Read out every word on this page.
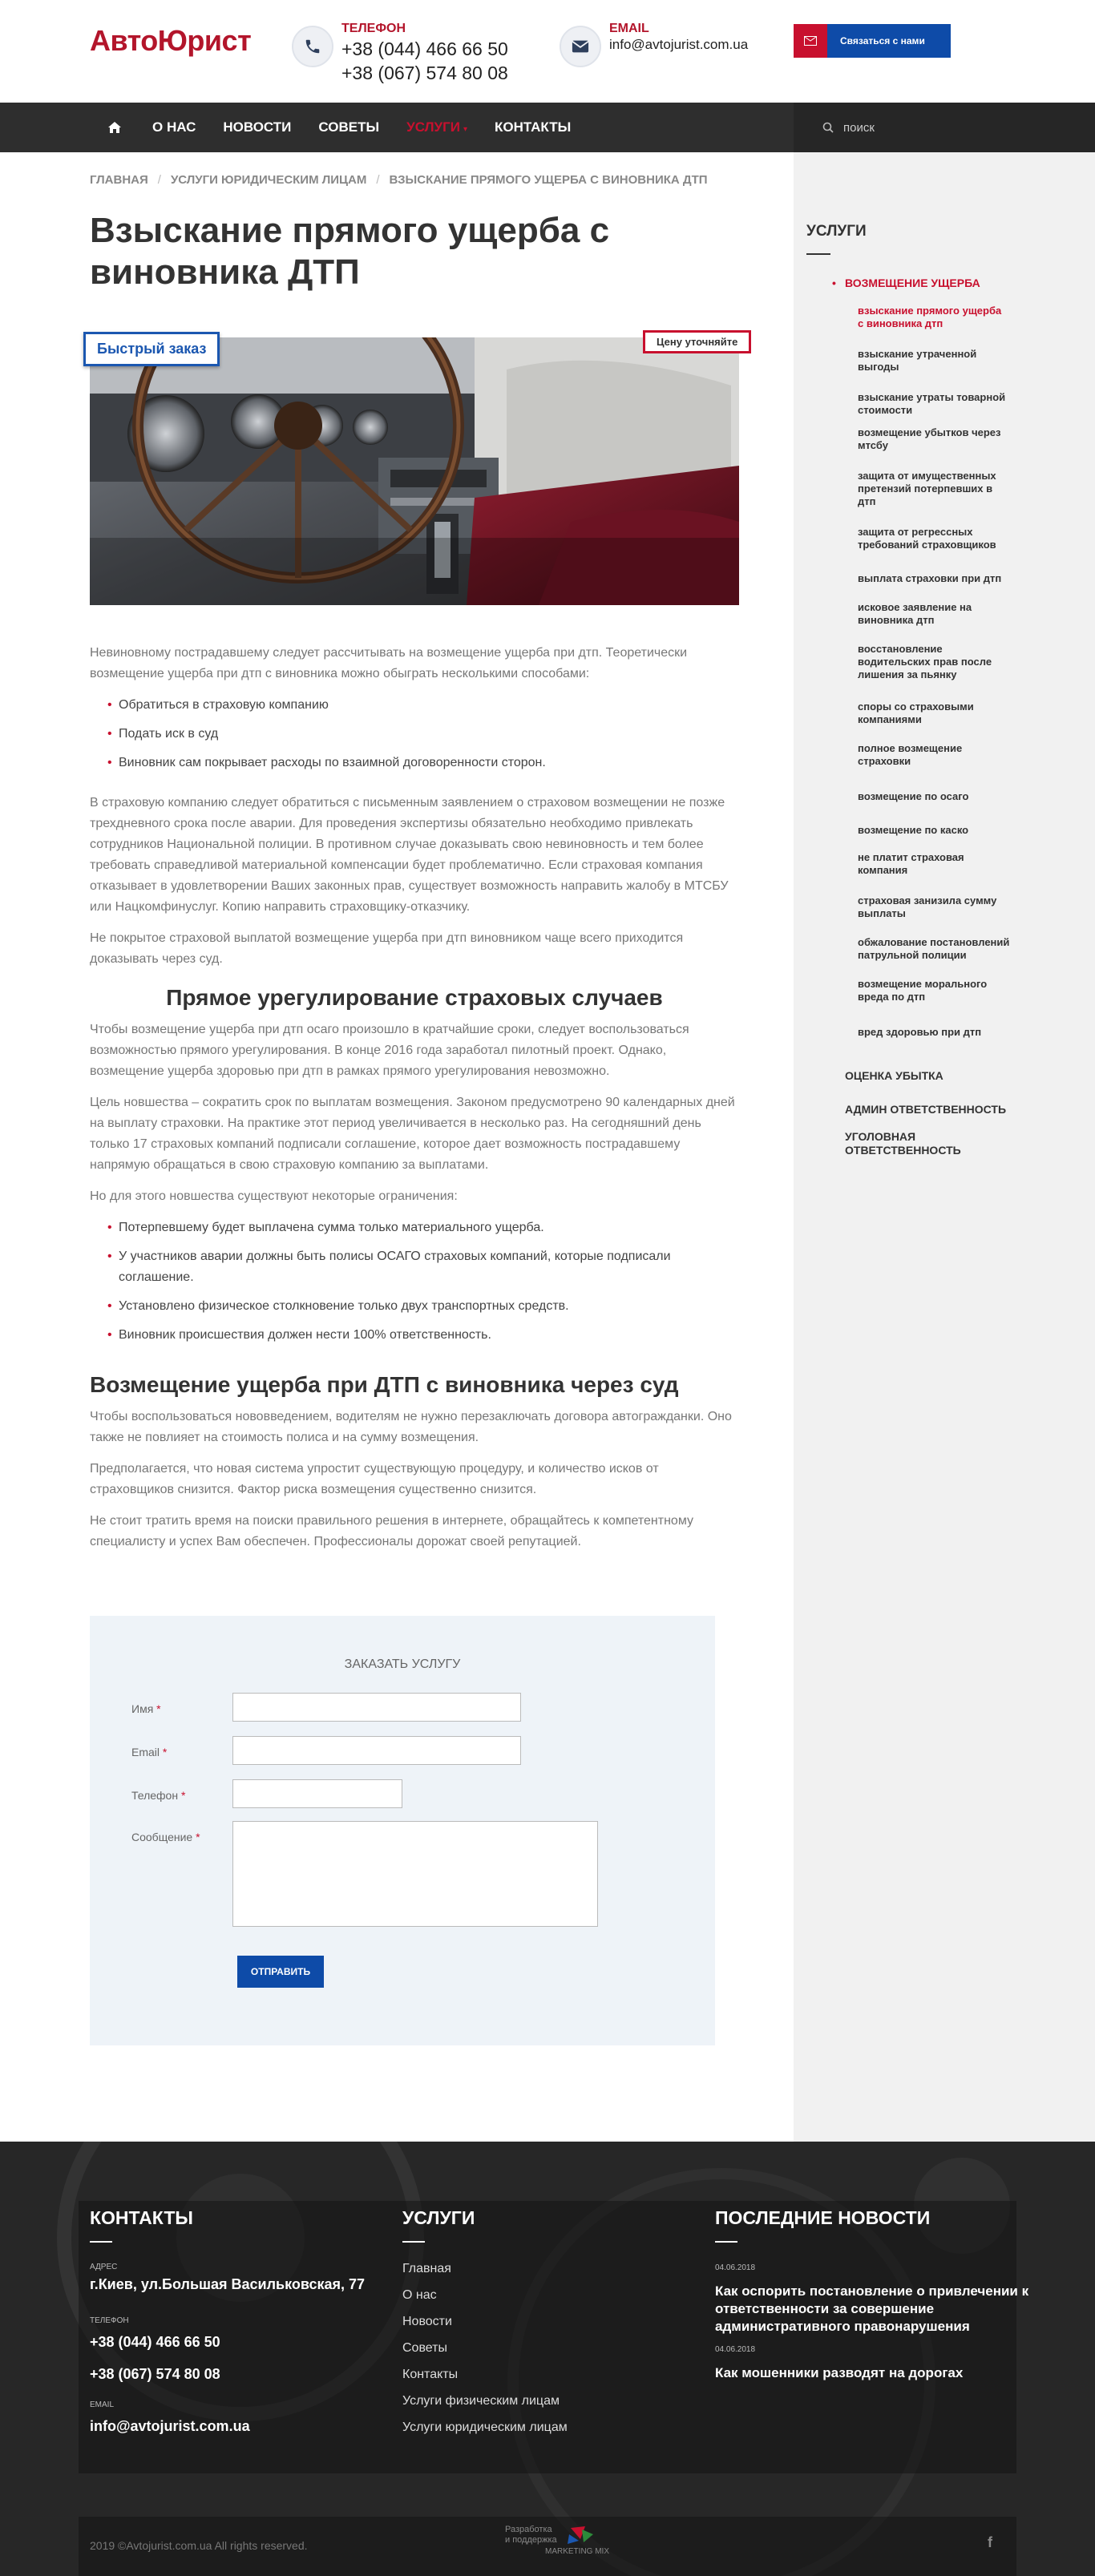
АвтоЮрист	ТЕЛЕФОН
+38 (044) 466 66 50
+38 (067) 574 80 08
EMAIL
info@avtojurist.com.ua	Связаться с нами
О НАС НОВОСТИ СОВЕТЫ УСЛУГИ ▾ КОНТАКТЫ
поиск
ГЛАВНАЯ / УСЛУГИ ЮРИДИЧЕСКИМ ЛИЦАМ / ВЗЫСКАНИЕ ПРЯМОГО УЩЕРБА С ВИНОВНИКА ДТП
Взыскание прямого ущерба с виновника ДТП
Быстрый заказ	Цену уточняйте

Невиновному пострадавшему следует рассчитывать на возмещение ущерба при дтп. Теоретически возмещение ущерба при дтп с виновника можно обыграть несколькими способами:

• Обратиться в страховую компанию
• Подать иск в суд
• Виновник сам покрывает расходы по взаимной договоренности сторон.

В страховую компанию следует обратиться с письменным заявлением о страховом возмещении не позже трехдневного срока после аварии. Для проведения экспертизы обязательно необходимо привлекать сотрудников Национальной полиции. В противном случае доказывать свою невиновность и тем более требовать справедливой материальной компенсации будет проблематично. Если страховая компания отказывает в удовлетворении Ваших законных прав, существует возможность направить жалобу в МТСБУ или Нацкомфинуслуг. Копию направить страховщику-отказчику.

Не покрытое страховой выплатой возмещение ущерба при дтп виновником чаще всего приходится доказывать через суд.

Прямое урегулирование страховых случаев

Чтобы возмещение ущерба при дтп осаго произошло в кратчайшие сроки, следует воспользоваться возможностью прямого урегулирования. В конце 2016 года заработал пилотный проект. Однако, возмещение ущерба здоровью при дтп в рамках прямого урегулирования невозможно.

Цель новшества – сократить срок по выплатам возмещения. Законом предусмотрено 90 календарных дней на выплату страховки. На практике этот период увеличивается в несколько раз. На сегодняшний день только 17 страховых компаний подписали соглашение, которое дает возможность пострадавшему напрямую обращаться в свою страховую компанию за выплатами.

Но для этого новшества существуют некоторые ограничения:

• Потерпевшему будет выплачена сумма только материального ущерба.
• У участников аварии должны быть полисы ОСАГО страховых компаний, которые подписали соглашение.
• Установлено физическое столкновение только двух транспортных средств.
• Виновник происшествия должен нести 100% ответственность.
Возмещение ущерба при ДТП с виновника через суд

Чтобы воспользоваться нововведением, водителям не нужно перезаключать договора автогражданки. Оно также не повлияет на стоимость полиса и на сумму возмещения.

Предполагается, что новая система упростит существующую процедуру, и количество исков от страховщиков снизится. Фактор риска возмещения существенно снизится.

Не стоит тратить время на поиски правильного решения в интернете, обращайтесь к компетентному специалисту и успех Вам обеспечен. Профессионалы дорожат своей репутацией.

ЗАКАЗАТЬ УСЛУГУ
Имя *
Email *
Телефон *
Сообщение *
ОТПРАВИТЬ
УСЛУГИ
• ВОЗМЕЩЕНИЕ УЩЕРБА
взыскание прямого ущерба с виновника дтп
взыскание утраченной выгоды
взыскание утраты товарной стоимости
возмещение убытков через мтсбу
защита от имущественных претензий потерпевших в дтп
защита от регрессных требований страховщиков
выплата страховки при дтп
исковое заявление на виновника дтп
восстановление водительских прав после лишения за пьянку
споры со страховыми компаниями
полное возмещение страховки
возмещение по осаго
возмещение по каско
не платит страховая компания
страховая занизила сумму выплаты
обжалование постановлений патрульной полиции
возмещение морального вреда по дтп
вред здоровью при дтп
ОЦЕНКА УБЫТКА
АДМИН ОТВЕТСТВЕННОСТЬ
УГОЛОВНАЯ ОТВЕТСТВЕННОСТЬ
КОНТАКТЫ
АДРЕС
г.Киев, ул.Большая Васильковская, 77
ТЕЛЕФОН
+38 (044) 466 66 50
+38 (067) 574 80 08
EMAIL
info@avtojurist.com.ua
УСЛУГИ
Главная
О нас
Новости
Советы
Контакты
Услуги физическим лицам
Услуги юридическим лицам
ПОСЛЕДНИЕ НОВОСТИ
04.06.2018
Как оспорить постановление о привлечении к ответственности за совершение административного правонарушения
04.06.2018
Как мошенники разводят на дорогах
2019 ©Avtojurist.com.ua All rights reserved.
Разработка
и поддержка
MARKETING MIX
f
